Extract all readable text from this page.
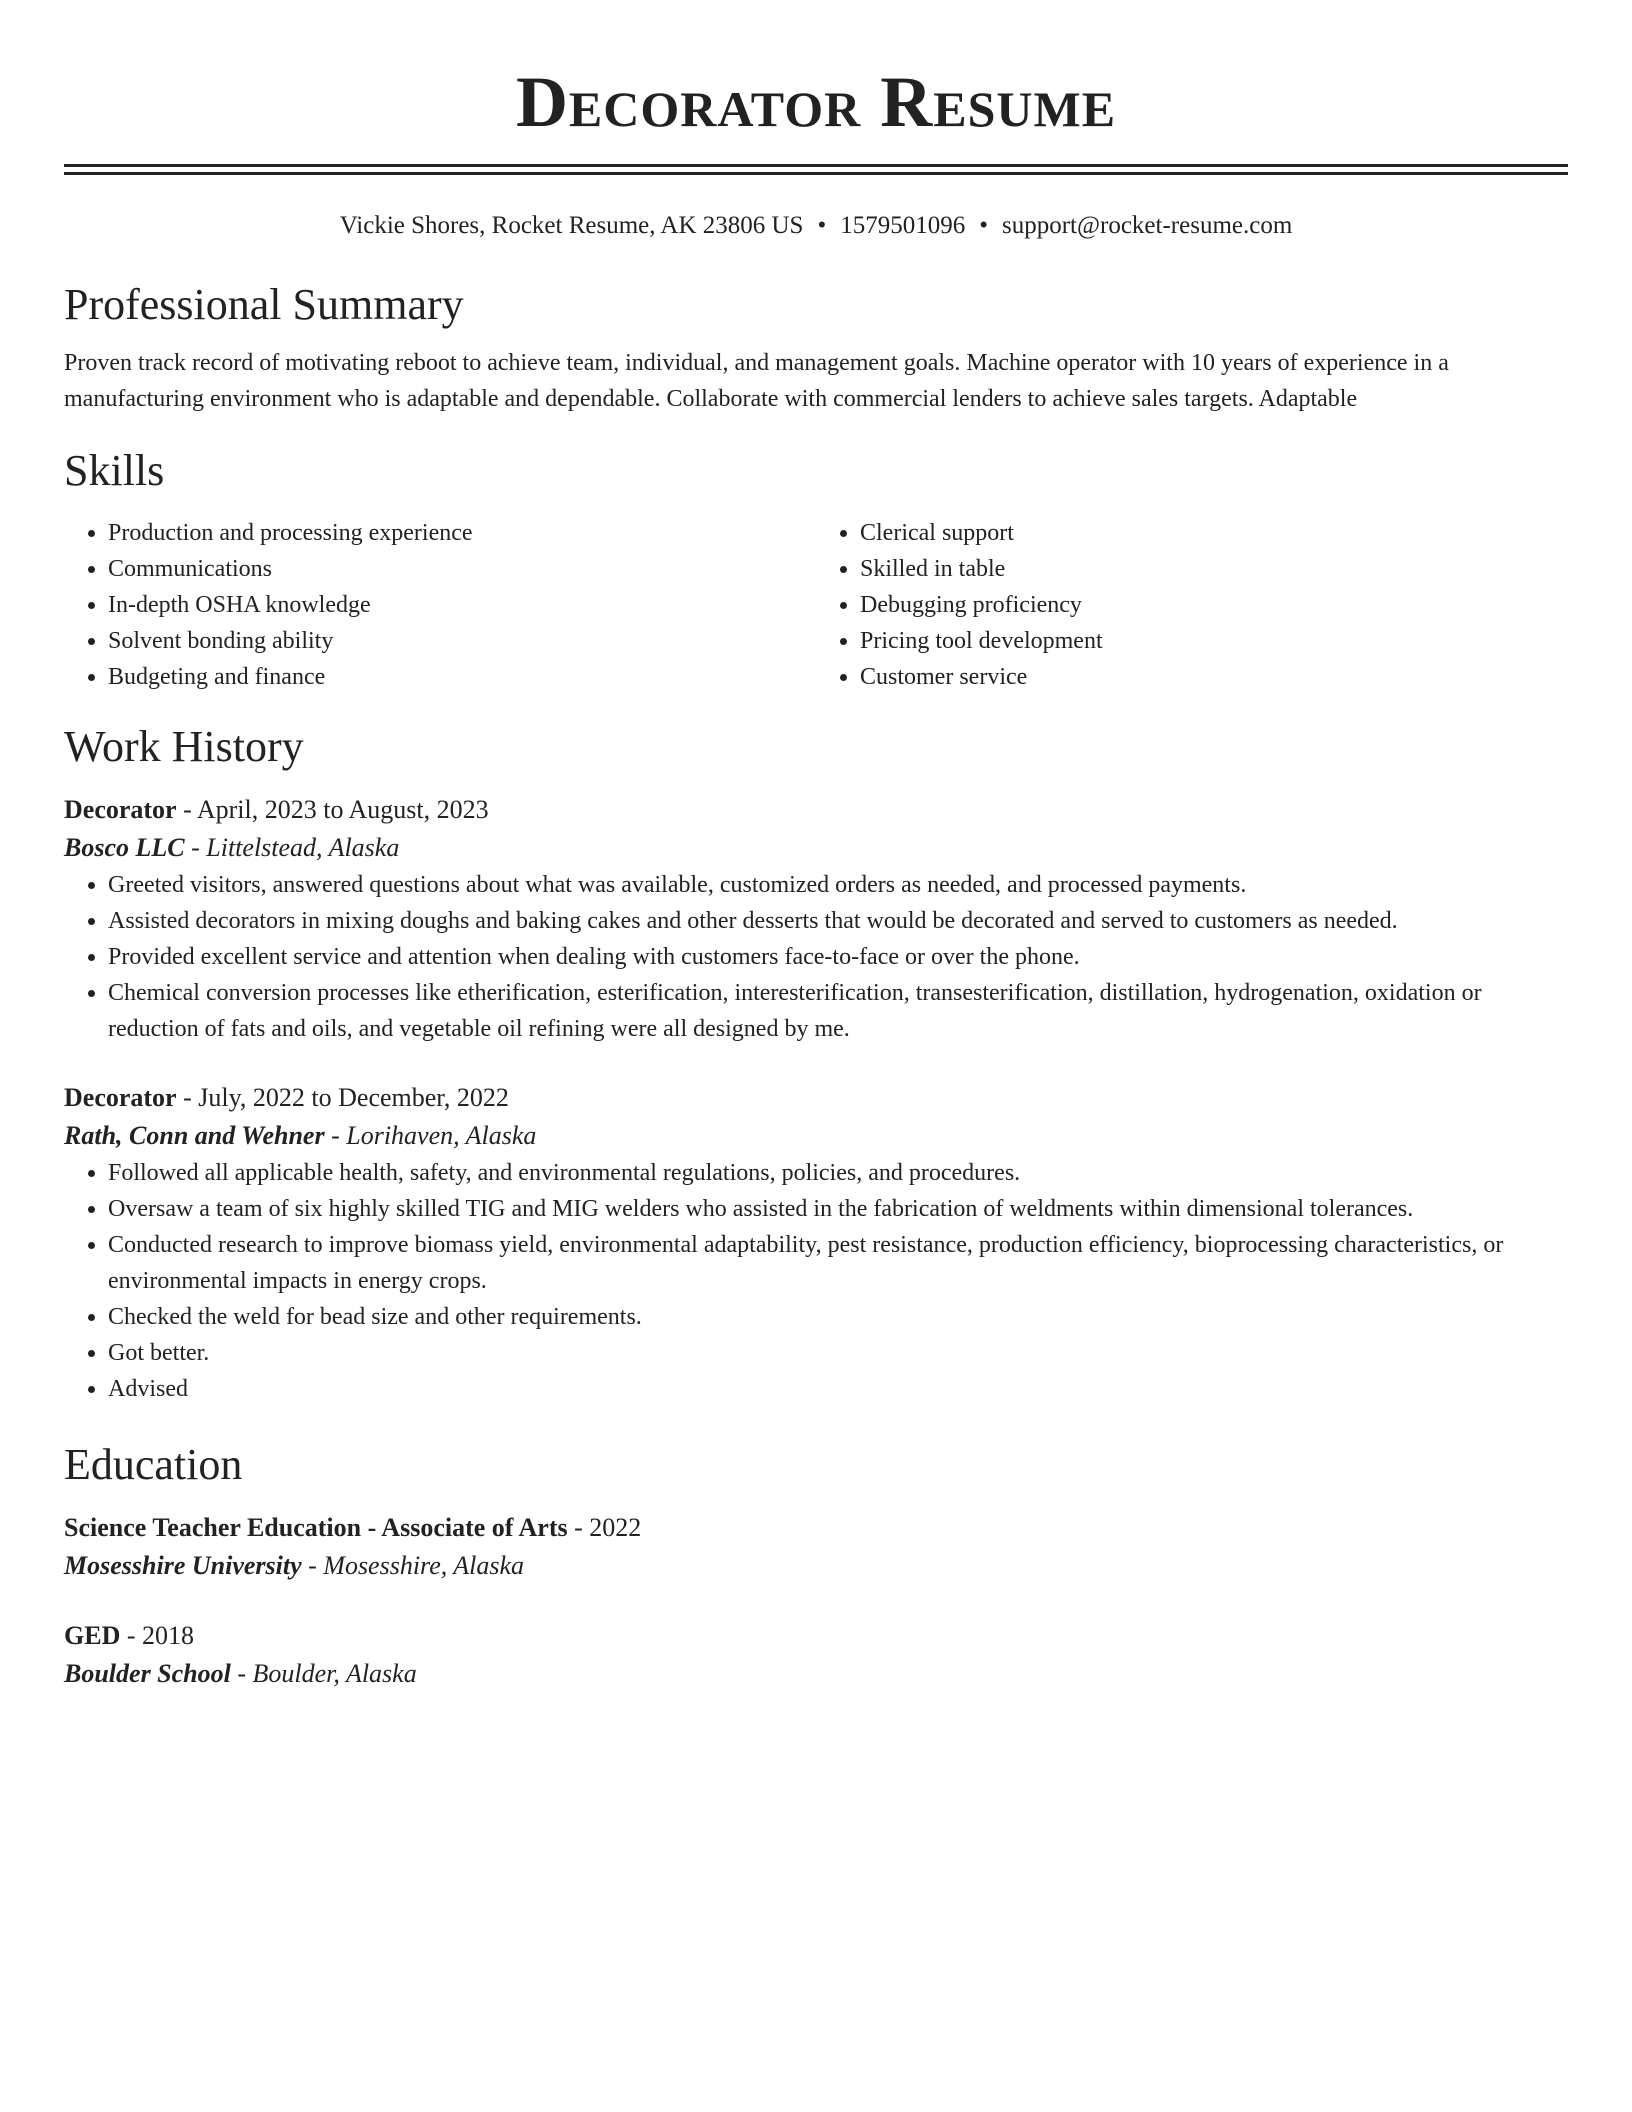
Decorator Resume
Vickie Shores, Rocket Resume, AK 23806 US • 1579501096 • support@rocket-resume.com
Professional Summary

Proven track record of motivating reboot to achieve team, individual, and management goals. Machine operator with 10 years of experience in a manufacturing environment who is adaptable and dependable. Collaborate with commercial lenders to achieve sales targets. Adaptable

Skills
• Production and processing experience
• Communications
• In-depth OSHA knowledge
• Solvent bonding ability
• Budgeting and finance
• Clerical support
• Skilled in table
• Debugging proficiency
• Pricing tool development
• Customer service
Work History
Decorator - April, 2023 to August, 2023
Bosco LLC - Littelstead, Alaska
• Greeted visitors, answered questions about what was available, customized orders as needed, and processed payments.
• Assisted decorators in mixing doughs and baking cakes and other desserts that would be decorated and served to customers as needed.
• Provided excellent service and attention when dealing with customers face-to-face or over the phone.
• Chemical conversion processes like etherification, esterification, interesterification, transesterification, distillation, hydrogenation, oxidation or reduction of fats and oils, and vegetable oil refining were all designed by me.
Decorator - July, 2022 to December, 2022
Rath, Conn and Wehner - Lorihaven, Alaska
• Followed all applicable health, safety, and environmental regulations, policies, and procedures.
• Oversaw a team of six highly skilled TIG and MIG welders who assisted in the fabrication of weldments within dimensional tolerances.
• Conducted research to improve biomass yield, environmental adaptability, pest resistance, production efficiency, bioprocessing characteristics, or environmental impacts in energy crops.
• Checked the weld for bead size and other requirements.
• Got better.
• Advised
Education
Science Teacher Education - Associate of Arts - 2022
Mosesshire University - Mosesshire, Alaska
GED - 2018
Boulder School - Boulder, Alaska
